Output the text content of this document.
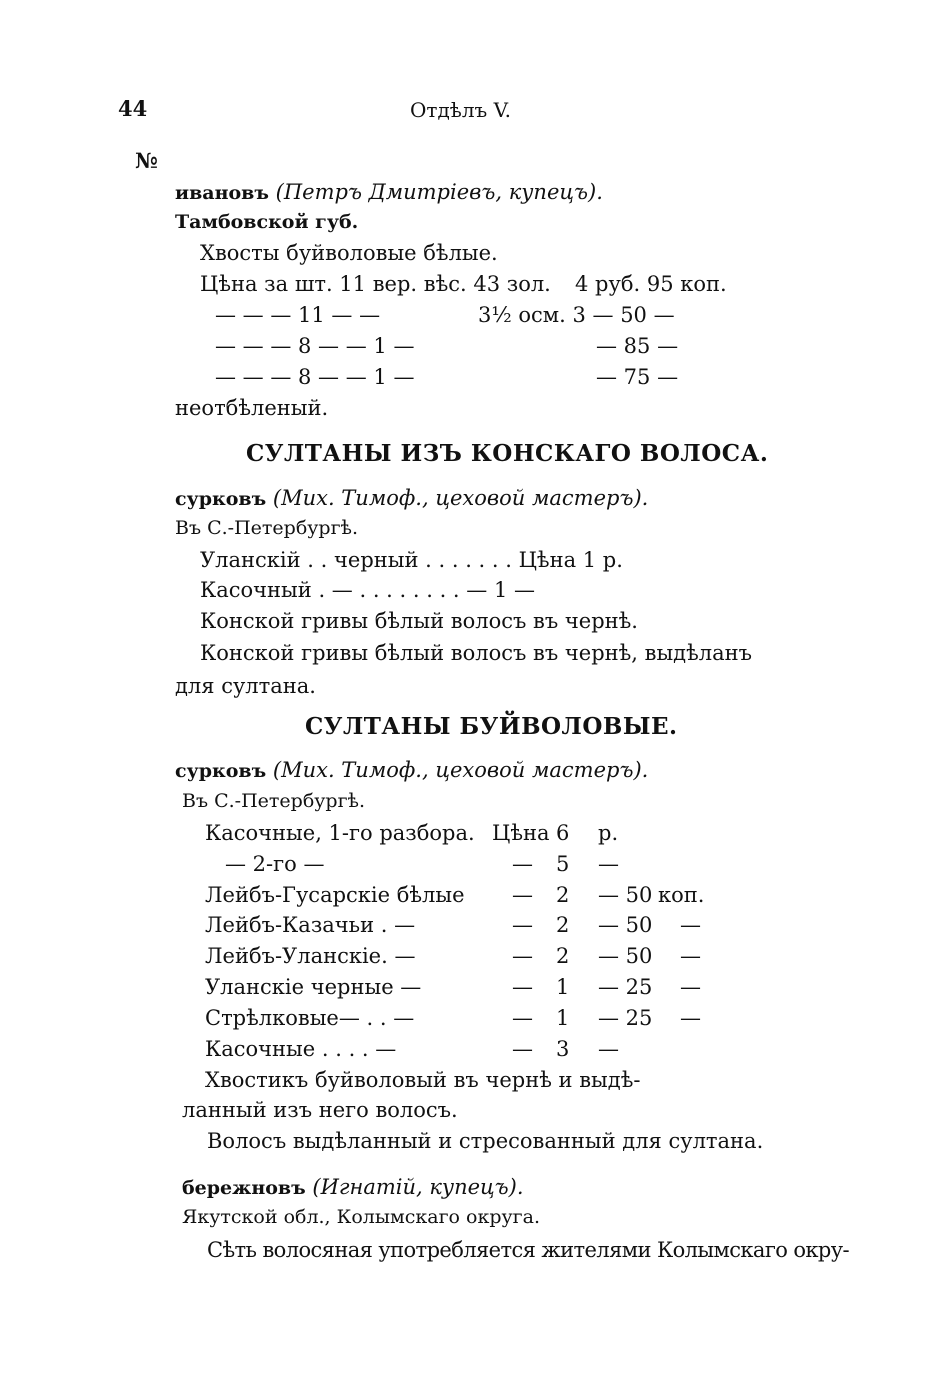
44	Отдѣлъ V.
№
ивановъ (Петръ Дмитріевъ, купецъ).
Тамбовской губ.
Хвосты буйволовые бѣлые.
Цѣна за шт. 11 вер. вѣс. 43 зол. 4 руб. 95 коп.
— — — 11 — —	3½ осм. 3 — 50 —
— — — 8 — — 1 —	— 85 —
— — — 8 — — 1 —	— 75 —
неотбѣленый.
СУЛТАНЫ ИЗЪ КОНСКАГО ВОЛОСА.
сурковъ (Мих. Тимоф., цеховой мастеръ).
Въ С.-Петербургѣ.
Уланскій . . черный . . . . . . . Цѣна 1 р.
Касочный . — . . . . . . . . — 1 —
Конской гривы бѣлый волосъ въ чернѣ.
Конской гривы бѣлый волосъ въ чернѣ, выдѣланъ
для султана.
СУЛТАНЫ БУЙВОЛОВЫЕ.
сурковъ (Мих. Тимоф., цеховой мастеръ).
Въ С.-Петербургѣ.
Касочные, 1-го разбора. Цѣна 6 р.
— 2-го —	— 5 —
Лейбъ-Гусарскіе бѣлые — 2 — 50 коп.
Лейбъ-Казачьи . —	— 2 — 50 —
Лейбъ-Уланскіе. —	— 2 — 50 —
Уланскіе черные —	— 1 — 25 —
Стрѣлковые— . . —	— 1 — 25 —
Касочные . . . . —	— 3 —
Хвостикъ буйволовый въ чернѣ и выдѣ-
ланный изъ него волосъ.
Волосъ выдѣланный и стресованный для султана.
бережновъ (Игнатій, купецъ).
Якутской обл., Колымскаго округа.
Сѣть волосяная употребляется жителями Колымскаго окру-
